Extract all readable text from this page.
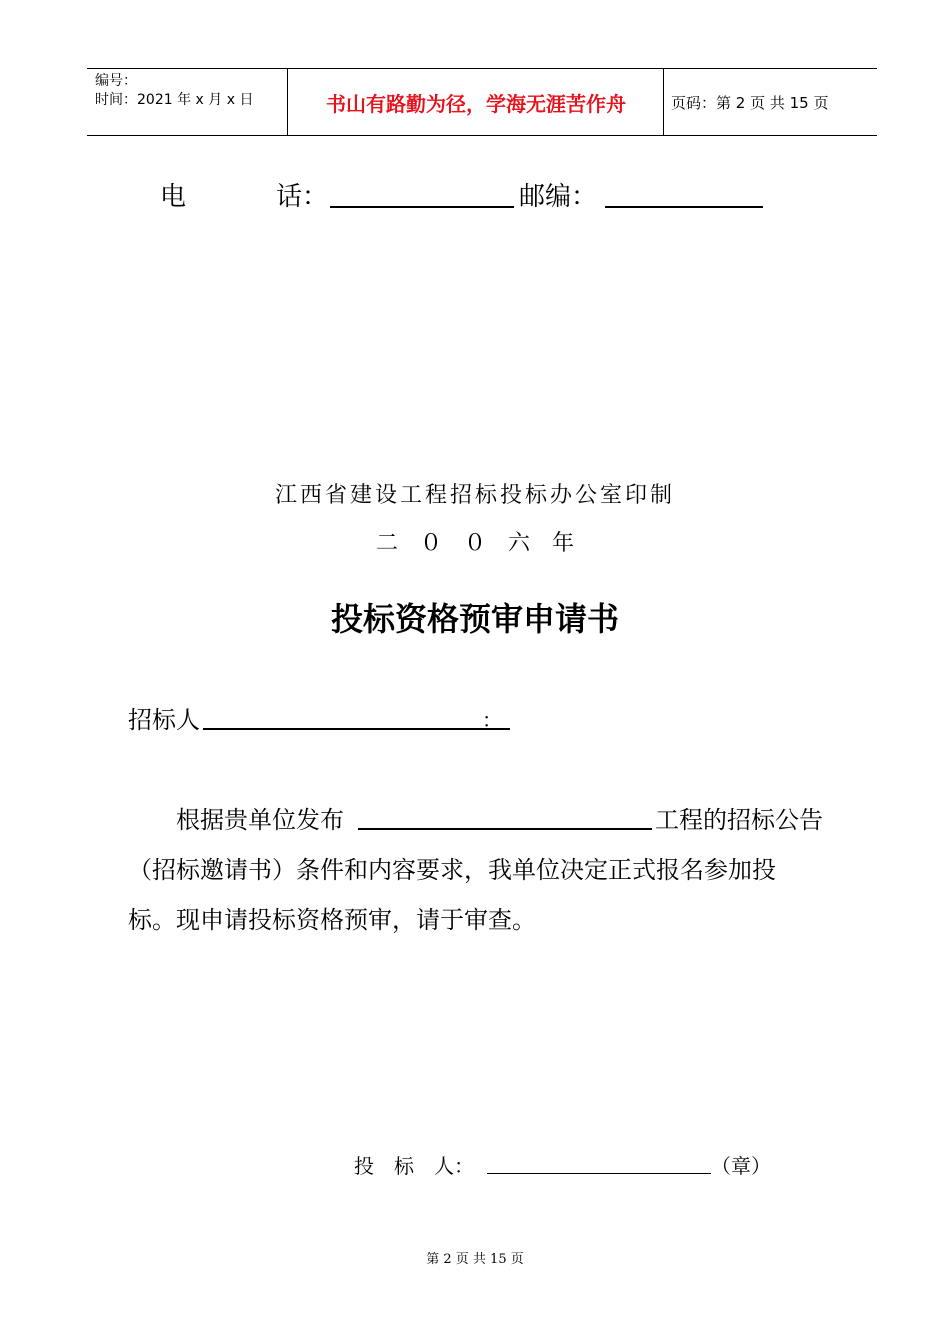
编号：
时间：2021 年 x 月 x 日	书山有路勤为径，学海无涯苦作舟	页码：第 2 页 共 15 页
电	话：	邮编：
江西省建设工程招标投标办公室印制
二　０　０　六　年
投标资格预审申请书
招标人	：
根据贵单位发布	工程的招标公告
（招标邀请书）条件和内容要求，我单位决定正式报名参加投
标。现申请投标资格预审，请于审查。
投　标　人：	（章）
第 2 页 共 15 页
